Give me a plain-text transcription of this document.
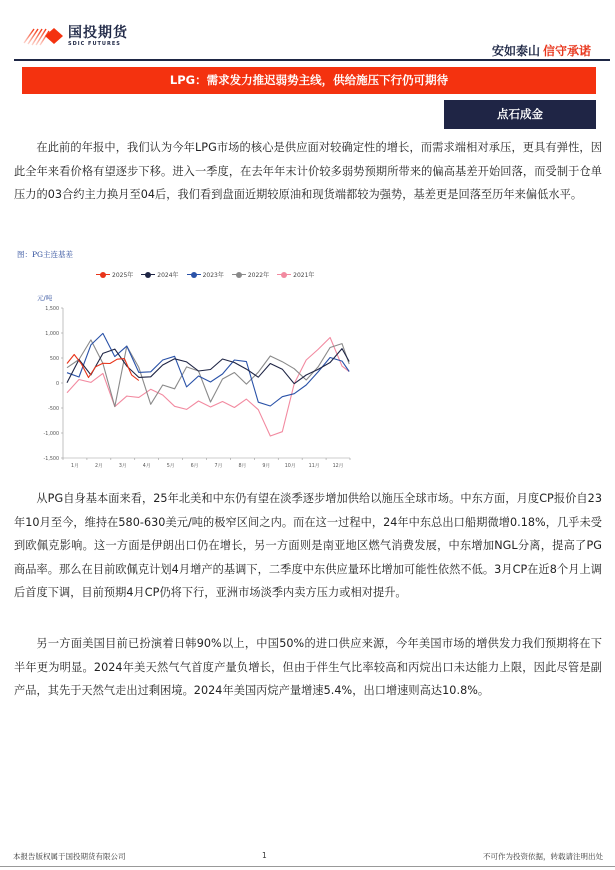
国投期货
SDIC FUTURES
安如泰山 信守承诺
LPG：需求发力推迟弱势主线，供给施压下行仍可期待
点石成金

在此前的年报中，我们认为今年LPG市场的核心是供应面对较确定性的增长，而需求端相对承压，更具有弹性，因此全年来看价格有望逐步下移。进入一季度，在去年年末计价较多弱势预期所带来的偏高基差开始回落，而受制于仓单压力的03合约主力换月至04后，我们看到盘面近期较原油和现货端都较为强势，基差更是回落至历年来偏低水平。

图：PG主连基差
2025年	2024年	2023年	2022年	2021年
元/吨
-1,500
-1,000
-500
0
500
1,000
1,500
1月	2月	3月	4月	5月	6月	7月	8月	9月	10月	11月	12月

从PG自身基本面来看，25年北美和中东仍有望在淡季逐步增加供给以施压全球市场。中东方面，月度CP报价自23年10月至今，维持在580-630美元/吨的极窄区间之内。而在这一过程中，24年中东总出口船期微增0.18%，几乎未受到欧佩克影响。这一方面是伊朗出口仍在增长，另一方面则是南亚地区燃气消费发展，中东增加NGL分离，提高了PG商品率。那么在目前欧佩克计划4月增产的基调下，二季度中东供应量环比增加可能性依然不低。3月CP在近8个月上调后首度下调，目前预期4月CP仍将下行，亚洲市场淡季内卖方压力或相对提升。

另一方面美国目前已扮演着日韩90%以上，中国50%的进口供应来源，今年美国市场的增供发力我们预期将在下半年更为明显。2024年美天然气气首度产量负增长，但由于伴生气比率较高和丙烷出口未达能力上限，因此尽管是副产品，其先于天然气走出过剩困境。2024年美国丙烷产量增速5.4%，出口增速则高达10.8%。

本报告版权属于国投期货有限公司	1	不可作为投资依据，转载请注明出处
